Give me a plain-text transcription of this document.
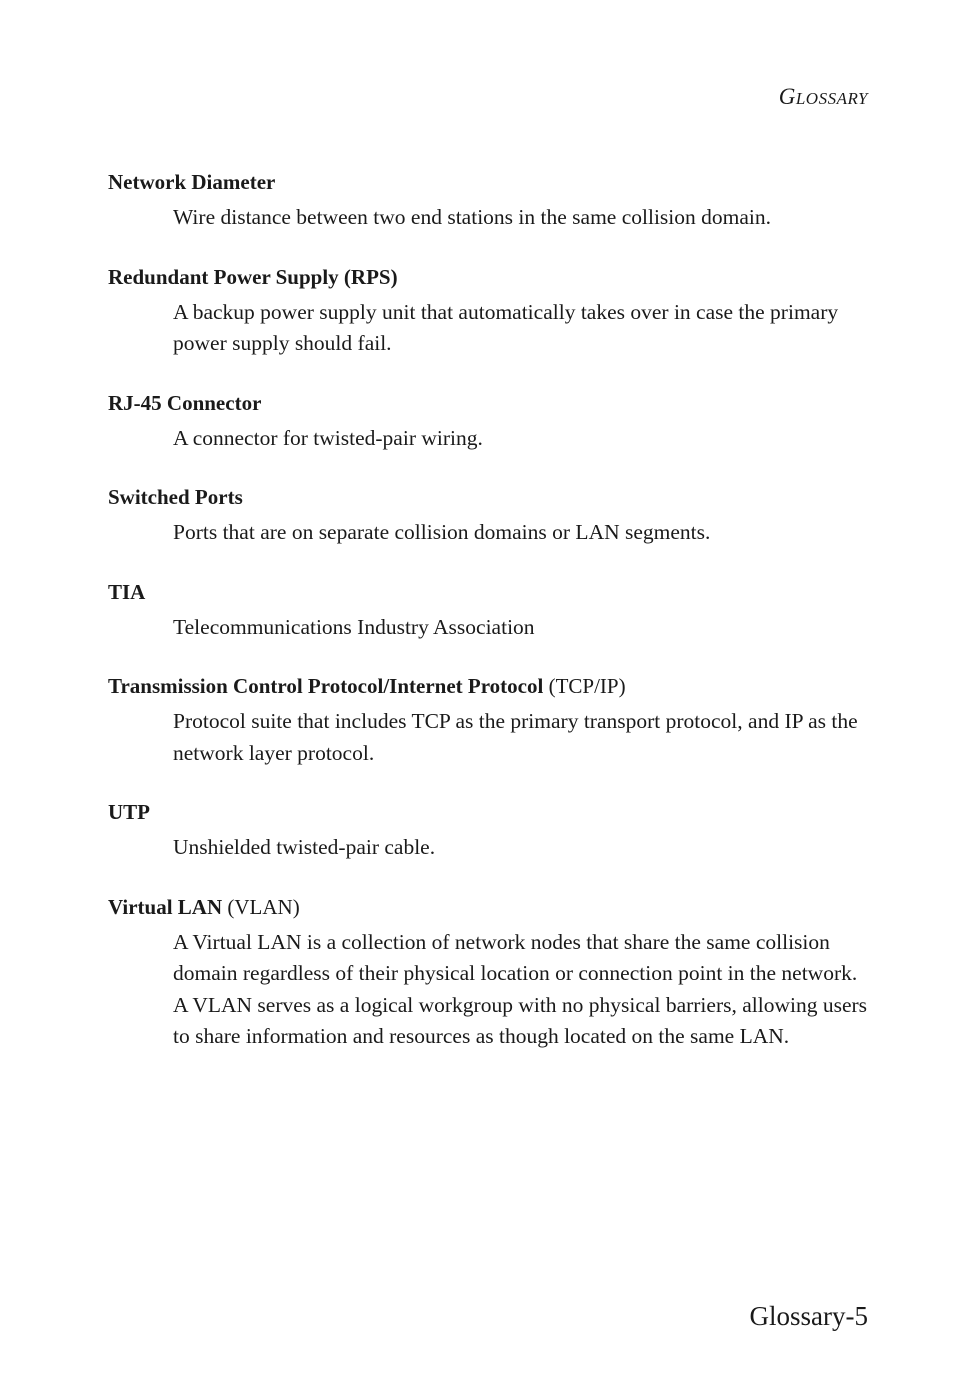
GLOSSARY
Network Diameter
Wire distance between two end stations in the same collision domain.
Redundant Power Supply (RPS)
A backup power supply unit that automatically takes over in case the primary power supply should fail.
RJ-45 Connector
A connector for twisted-pair wiring.
Switched Ports
Ports that are on separate collision domains or LAN segments.
TIA
Telecommunications Industry Association
Transmission Control Protocol/Internet Protocol (TCP/IP)
Protocol suite that includes TCP as the primary transport protocol, and IP as the network layer protocol.
UTP
Unshielded twisted-pair cable.
Virtual LAN (VLAN)
A Virtual LAN is a collection of network nodes that share the same collision domain regardless of their physical location or connection point in the network. A VLAN serves as a logical workgroup with no physical barriers, allowing users to share information and resources as though located on the same LAN.
Glossary-5
